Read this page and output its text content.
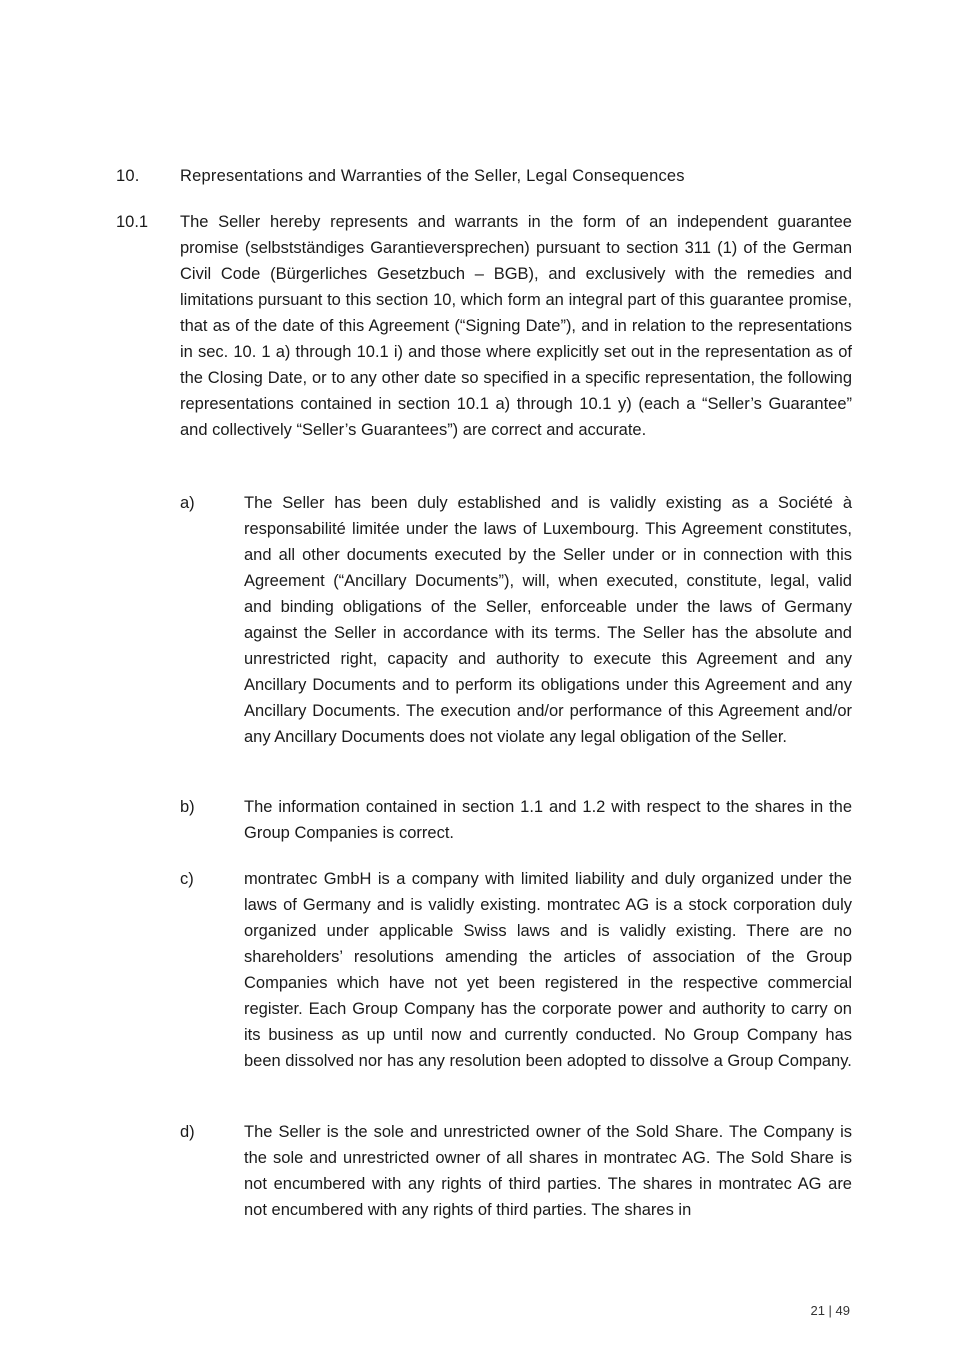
10. Representations and Warranties of the Seller, Legal Consequences
10.1 The Seller hereby represents and warrants in the form of an independent guarantee promise (selbstständiges Garantieversprechen) pursuant to section 311 (1) of the German Civil Code (Bürgerliches Gesetzbuch – BGB), and exclusively with the remedies and limitations pursuant to this section 10, which form an integral part of this guarantee promise, that as of the date of this Agreement (“Signing Date”), and in relation to the representations in sec. 10. 1 a) through 10.1 i) and those where explicitly set out in the representation as of the Closing Date, or to any other date so specified in a specific representation, the following representations contained in section 10.1 a) through 10.1 y) (each a “Seller’s Guarantee” and collectively “Seller’s Guarantees”) are correct and accurate.
a)	The Seller has been duly established and is validly existing as a Société à responsabilité limitée under the laws of Luxembourg. This Agreement constitutes, and all other documents executed by the Seller under or in connection with this Agreement (“Ancillary Documents”), will, when executed, constitute, legal, valid and binding obligations of the Seller, enforceable under the laws of Germany against the Seller in accordance with its terms. The Seller has the absolute and unrestricted right, capacity and authority to execute this Agreement and any Ancillary Documents and to perform its obligations under this Agreement and any Ancillary Documents. The execution and/or performance of this Agreement and/or any Ancillary Documents does not violate any legal obligation of the Seller.
b)	The information contained in section 1.1 and 1.2 with respect to the shares in the Group Companies is correct.
c)	montratec GmbH is a company with limited liability and duly organized under the laws of Germany and is validly existing. montratec AG is a stock corporation duly organized under applicable Swiss laws and is validly existing. There are no shareholders’ resolutions amending the articles of association of the Group Companies which have not yet been registered in the respective commercial register. Each Group Company has the corporate power and authority to carry on its business as up until now and currently conducted. No Group Company has been dissolved nor has any resolution been adopted to dissolve a Group Company.
d)	The Seller is the sole and unrestricted owner of the Sold Share. The Company is the sole and unrestricted owner of all shares in montratec AG. The Sold Share is not encumbered with any rights of third parties. The shares in montratec AG are not encumbered with any rights of third parties. The shares in
21 | 49
